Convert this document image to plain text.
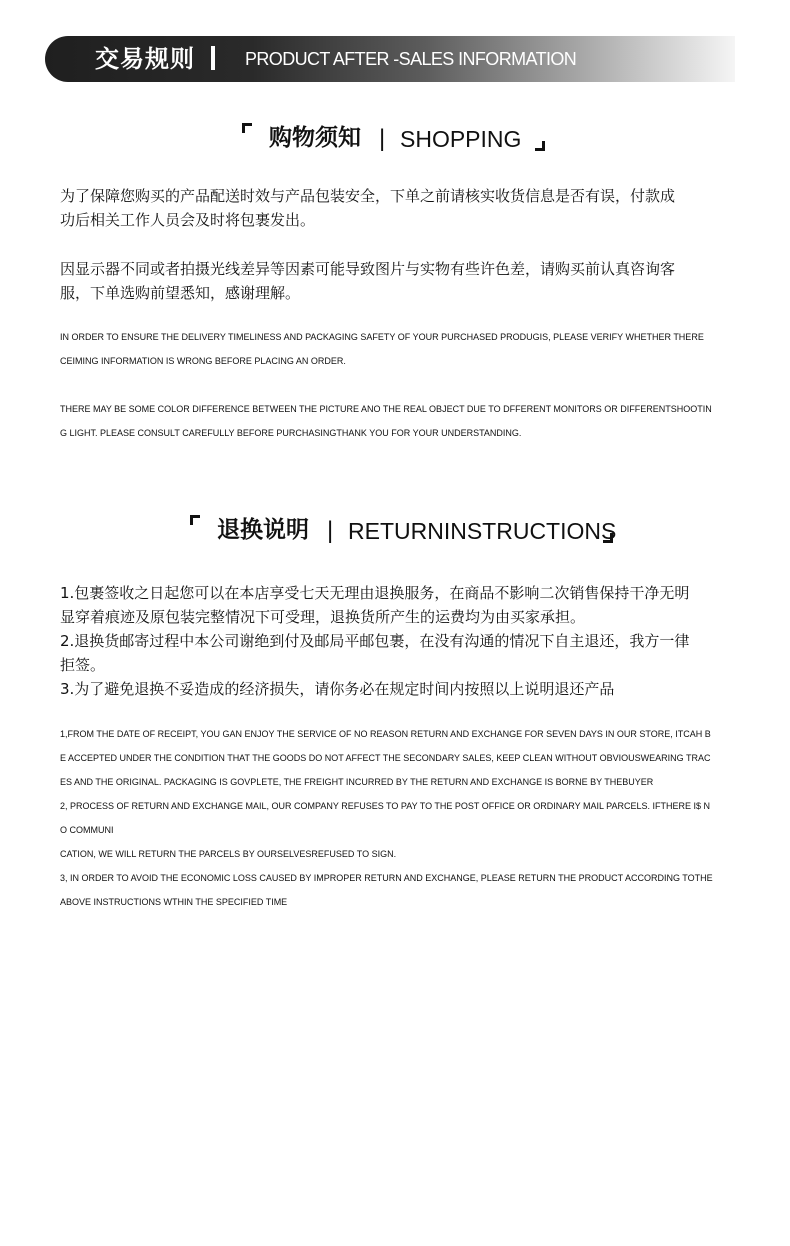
交易规则	PRODUCT AFTER -SALES INFORMATION
购物须知 | SHOPPING

为了保障您购买的产品配送时效与产品包装安全，下单之前请核实收货信息是否有误，付款成
功后相关工作人员会及时将包裹发出。

因显示器不同或者拍摄光线差异等因素可能导致图片与实物有些许色差，请购买前认真咨询客
服，下单选购前望悉知，感谢理解。

IN ORDER TO ENSURE THE DELIVERY TIMELINESS AND PACKAGING SAFETY OF YOUR PURCHASED PRODUGIS, PLEASE VERIFY WHETHER THERE
CEIMING INFORMATION IS WRONG BEFORE PLACING AN ORDER.

THERE MAY BE SOME COLOR DIFFERENCE BETWEEN THE PICTURE ANO THE REAL OBJECT DUE TO DFFERENT MONITORS OR DIFFERENTSHOOTIN
G LIGHT. PLEASE CONSULT CAREFULLY BEFORE PURCHASINGTHANK YOU FOR YOUR UNDERSTANDING.

退换说明 | RETURNINSTRUCTIONS

1.包裹签收之日起您可以在本店享受七天无理由退换服务，在商品不影响二次销售保持干净无明
显穿着痕迹及原包装完整情况下可受理，退换货所产生的运费均为由买家承担。
2.退换货邮寄过程中本公司谢绝到付及邮局平邮包裹，在没有沟通的情况下自主退还，我方一律
拒签。
3.为了避免退换不妥造成的经济损失，请你务必在规定时间内按照以上说明退还产品

1,FROM THE DATE OF RECEIPT, YOU GAN ENJOY THE SERVICE OF NO REASON RETURN AND EXCHANGE FOR SEVEN DAYS IN OUR STORE, ITCAH B
E ACCEPTED UNDER THE CONDITION THAT THE GOODS DO NOT AFFECT THE SECONDARY SALES, KEEP CLEAN WITHOUT OBVIOUSWEARING TRAC
ES AND THE ORIGINAL. PACKAGING IS GOVPLETE, THE FREIGHT INCURRED BY THE RETURN AND EXCHANGE IS BORNE BY THEBUYER
2, PROCESS OF RETURN AND EXCHANGE MAIL, OUR COMPANY REFUSES TO PAY TO THE POST OFFICE OR ORDINARY MAIL PARCELS. IFTHERE I$ N
O COMMUNI
CATION, WE WILL RETURN THE PARCELS BY OURSELVESREFUSED TO SIGN.
3, IN ORDER TO AVOID THE ECONOMIC LOSS CAUSED BY IMPROPER RETURN AND EXCHANGE, PLEASE RETURN THE PRODUCT ACCORDING TOTHE
ABOVE INSTRUCTIONS WTHIN THE SPECIFIED TIME
